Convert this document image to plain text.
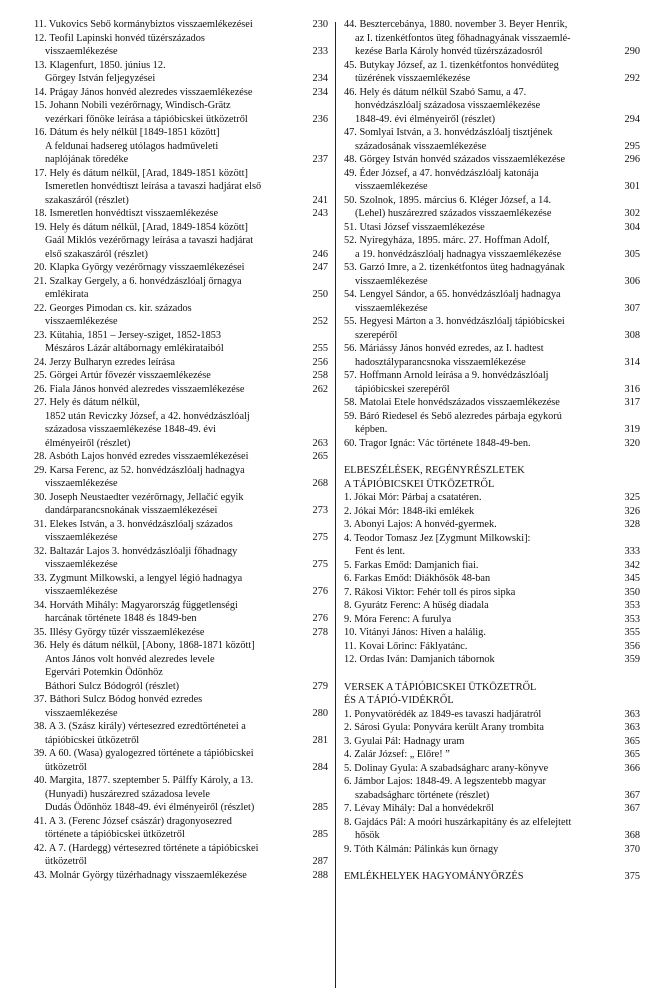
11. Vukovics Sebő kormánybiztos visszaemlékezései	230
12. Teofil Lapinski honvéd tüzérszázados
visszaemlékezése	233
13. Klagenfurt, 1850. június 12.
Görgey István feljegyzései	234
14. Prágay János honvéd alezredes visszaemlékezése	234
15. Johann Nobili vezérőrnagy, Windisch-Grätz
vezérkari főnöke leírása a tápióbicskei ütközetről	236
16. Dátum és hely nélkül [1849-1851 között]
A feldunai hadsereg utólagos hadműveleti
naplójának töredéke	237
17. Hely és dátum nélkül, [Arad, 1849-1851 között]
Ismeretlen honvédtiszt leírása a tavaszi hadjárat első
szakaszáról (részlet)	241
18. Ismeretlen honvédtiszt visszaemlékezése	243
19. Hely és dátum nélkül, [Arad, 1849-1854 között]
Gaál Miklós vezérőrnagy leírása a tavaszi hadjárat
első szakaszáról (részlet)	246
20. Klapka György vezérőrnagy visszaemlékezései	247
21. Szalkay Gergely, a 6. honvédzászlóalj őrnagya
emlékirata	250
22. Georges Pimodan cs. kir. százados
visszaemlékezése	252
23. Kütahia, 1851 – Jersey-sziget, 1852-1853
Mészáros Lázár altábornagy emlékirataiból	255
24. Jerzy Bulharyn ezredes leírása	256
25. Görgei Artúr fővezér visszaemlékezése	258
26. Fiala János honvéd alezredes visszaemlékezése	262
27. Hely és dátum nélkül,
1852 után Reviczky József, a 42. honvédzászlóalj
századosa visszaemlékezése 1848-49. évi
élményeiről (részlet)	263
28. Asbóth Lajos honvéd ezredes visszaemlékezései	265
29. Karsa Ferenc, az 52. honvédzászlóalj hadnagya
visszaemlékezése	268
30. Joseph Neustaedter vezérőrnagy, Jellačić egyik
dandárparancsnokának visszaemlékezései	273
31. Elekes István, a 3. honvédzászlóalj százados
visszaemlékezése	275
32. Baltazár Lajos 3. honvédzászlóalji főhadnagy
visszaemlékezése	275
33. Zygmunt Milkowski, a lengyel légió hadnagya
visszaemlékezése	276
34. Horváth Mihály: Magyarország függetlenségi
harcának története 1848 és 1849-ben	276
35. Illésy György tüzér visszaemlékezése	278
36. Hely és dátum nélkül, [Abony, 1868-1871 között]
Antos János volt honvéd alezredes levele
Egervári Potemkin Ödönhöz
Báthori Sulcz Bódogról (részlet)	279
37. Báthori Sulcz Bódog honvéd ezredes
visszaemlékezése	280
38. A 3. (Szász király) vértesezred ezredtörténetei a
tápióbicskei ütközetről	281
39. A 60. (Wasa) gyalogezred története a tápióbicskei
ütközetről	284
40. Margita, 1877. szeptember 5. Pálffy Károly, a 13.
(Hunyadi) huszárezred századosa levele
Dudás Ödönhöz 1848-49. évi élményeiről (részlet)	285
41. A 3. (Ferenc József császár) dragonyosezred
története a tápióbicskei ütközetről	285
42. A 7. (Hardegg) vértesezred története a tápióbicskei
ütközetről	287
43. Molnár György tüzérhadnagy visszaemlékezése	288
44. Besztercebánya, 1880. november 3. Beyer Henrik,
az I. tizenkétfontos üteg főhadnagyának visszaemlé-
kezése Barla Károly honvéd tüzérszázadosról	290
45. Butykay József, az 1. tizenkétfontos honvédüteg
tüzérének visszaemlékezése	292
46. Hely és dátum nélkül Szabó Samu, a 47.
honvédzászlóalj századosa visszaemlékezése
1848-49. évi élményeiről (részlet)	294
47. Somlyai István, a 3. honvédzászlóalj tisztjének
századosának visszaemlékezése	295
48. Görgey István honvéd százados visszaemlékezése	296
49. Éder József, a 47. honvédzászlóalj katonája
visszaemlékezése	301
50. Szolnok, 1895. március 6. Kléger József, a 14.
(Lehel) huszárezred százados visszaemlékezése	302
51. Utasi József visszaemlékezése	304
52. Nyíregyháza, 1895. márc. 27. Hoffman Adolf,
a 19. honvédzászlóalj hadnagya visszaemlékezése	305
53. Garzó Imre, a 2. tizenkétfontos üteg hadnagyának
visszaemlékezése	306
54. Lengyel Sándor, a 65. honvédzászlóalj hadnagya
visszaemlékezése	307
55. Hegyesi Márton a 3. honvédzászlóalj tápióbicskei
szerepéről	308
56. Máriássy János honvéd ezredes, az I. hadtest
hadosztályparancsnoka visszaemlékezése	314
57. Hoffmann Arnold leírása a 9. honvédzászlóalj
tápióbicskei szerepéről	316
58. Matolai Etele honvédszázados visszaemlékezése	317
59. Báró Riedesel és Sebő alezredes párbaja egykorú
képben.	319
60. Tragor Ignác: Vác története 1848-49-ben.	320
ELBESZÉLÉSEK, REGÉNYRÉSZLETEK
A TÁPIÓBICSKEI ÜTKÖZETRŐL
1. Jókai Mór: Párbaj a csatatéren.	325
2. Jókai Mór: 1848-iki emlékek	326
3. Abonyi Lajos: A honvéd-gyermek.	328
4. Teodor Tomasz Jez [Zygmunt Milkowski]:
Fent és lent.	333
5. Farkas Emőd: Damjanich fiai.	342
6. Farkas Emőd: Diákhősök 48-ban	345
7. Rákosi Viktor: Fehér toll és piros sipka	350
8. Gyurátz Ferenc: A hűség diadala	353
9. Móra Ferenc: A furulya	353
10. Vitányi János: Híven a halálig.	355
11. Kovai Lőrinc: Fáklyatánc.	356
12. Ordas Iván: Damjanich tábornok	359
VERSEK A TÁPIÓBICSKEI ÜTKÖZETRŐL
ÉS A TÁPIÓ-VIDÉKRŐL
1. Ponyvatörédék az 1849-es tavaszi hadjáratról	363
2. Sárosi Gyula: Ponyvára került Arany trombita	363
3. Gyulai Pál: Hadnagy uram	365
4. Zalár József: „ Előre! ”	365
5. Dolinay Gyula: A szabadságharc arany-könyve	366
6. Jámbor Lajos: 1848-49. A legszentebb magyar
szabadságharc története (részlet)	367
7. Lévay Mihály: Dal a honvédekről	367
8. Gajdács Pál: A moóri huszárkapitány és az elfelejtett
hősök	368
9. Tóth Kálmán: Pálinkás kun őrnagy	370
EMLÉKHELYEK HAGYOMÁNYŐRZÉS	375
